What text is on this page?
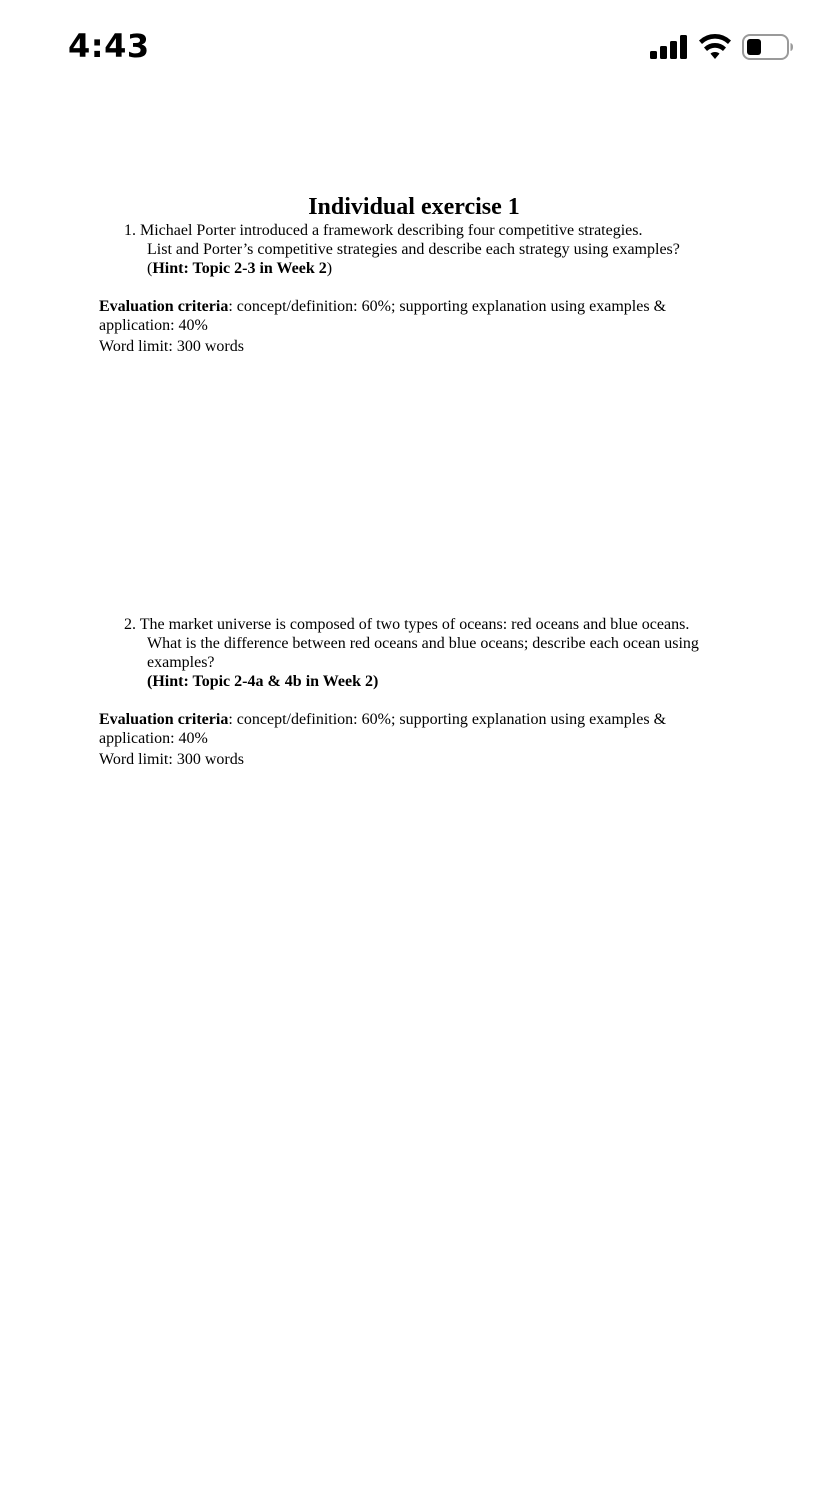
4:43
Individual exercise 1

1. Michael Porter introduced a framework describing four competitive strategies.

List and Porter’s competitive strategies and describe each strategy using examples?

(Hint: Topic 2-3 in Week 2)

Evaluation criteria: concept/definition: 60%; supporting explanation using examples &

application: 40%

Word limit: 300 words

2. The market universe is composed of two types of oceans: red oceans and blue oceans.

What is the difference between red oceans and blue oceans; describe each ocean using

examples?

(Hint: Topic 2-4a & 4b in Week 2)

Evaluation criteria: concept/definition: 60%; supporting explanation using examples &

application: 40%

Word limit: 300 words
